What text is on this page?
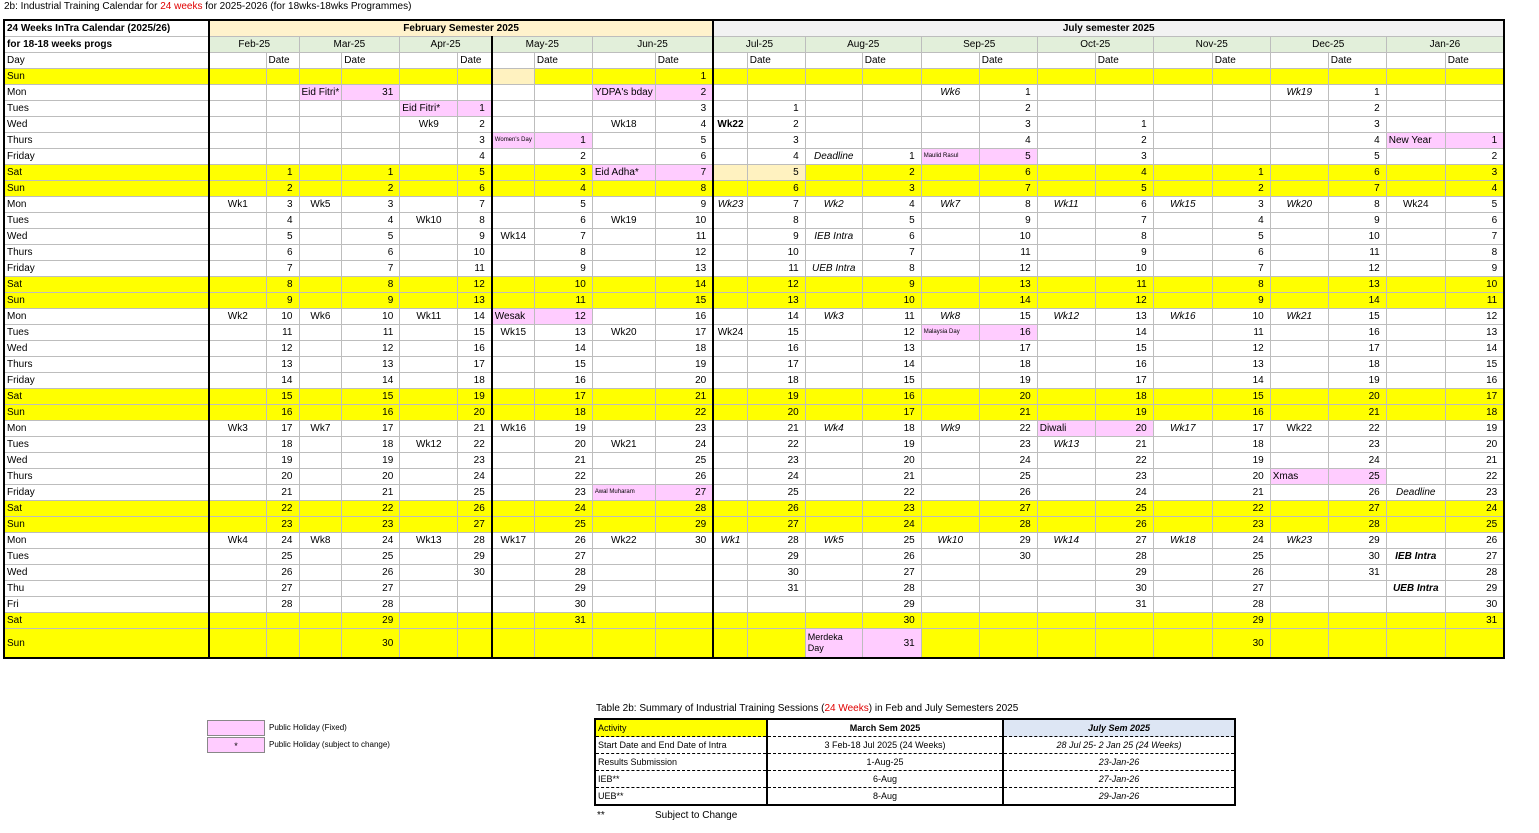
2b: Industrial Training Calendar for 24 weeks for 2025-2026 (for 18wks-18wks Programmes)
24 Weeks InTra Calendar (2025/26)	February Semester 2025										July semester 2025													
for 18-18 weeks progs	Feb-25		Mar-25		Apr-25		May-25		Jun-25		Jul-25		Aug-25		Sep-25		Oct-25		Nov-25		Dec-25		Jan-26	
Day		Date		Date		Date		Date		Date		Date		Date		Date		Date		Date		Date		Date
Sun										1														
Mon			Eid Fitri*	31					YDPA's bday	2					Wk6	1					Wk19	1		
Tues					Eid Fitri*	1				3		1				2						2		
Wed					Wk9	2			Wk18	4	Wk22	2				3		1				3		
Thurs						3	Women's Day	1		5		3				4		2				4	New Year	1
Friday						4		2		6		4	Deadline	1	Maulid Rasul	5		3				5		2
Sat		1		1		5		3	Eid Adha*	7		5		2		6		4		1		6		3
Sun		2		2		6		4		8		6		3		7		5		2		7		4
Mon	Wk1	3	Wk5	3		7		5		9	Wk23	7	Wk2	4	Wk7	8	Wk11	6	Wk15	3	Wk20	8	Wk24	5
Tues		4		4	Wk10	8		6	Wk19	10		8		5		9		7		4		9		6
Wed		5		5		9	Wk14	7		11		9	IEB Intra	6		10		8		5		10		7
Thurs		6		6		10		8		12		10		7		11		9		6		11		8
Friday		7		7		11		9		13		11	UEB Intra	8		12		10		7		12		9
Sat		8		8		12		10		14		12		9		13		11		8		13		10
Sun		9		9		13		11		15		13		10		14		12		9		14		11
Mon	Wk2	10	Wk6	10	Wk11	14	Wesak	12		16		14	Wk3	11	Wk8	15	Wk12	13	Wk16	10	Wk21	15		12
Tues		11		11		15	Wk15	13	Wk20	17	Wk24	15		12	Malaysia Day	16		14		11		16		13
Wed		12		12		16		14		18		16		13		17		15		12		17		14
Thurs		13		13		17		15		19		17		14		18		16		13		18		15
Friday		14		14		18		16		20		18		15		19		17		14		19		16
Sat		15		15		19		17		21		19		16		20		18		15		20		17
Sun		16		16		20		18		22		20		17		21		19		16		21		18
Mon	Wk3	17	Wk7	17		21	Wk16	19		23		21	Wk4	18	Wk9	22	Diwali	20	Wk17	17	Wk22	22		19
Tues		18		18	Wk12	22		20	Wk21	24		22		19		23	Wk13	21		18		23		20
Wed		19		19		23		21		25		23		20		24		22		19		24		21
Thurs		20		20		24		22		26		24		21		25		23		20	Xmas	25		22
Friday		21		21		25		23	Awal Muharam	27		25		22		26		24		21		26	Deadline	23
Sat		22		22		26		24		28		26		23		27		25		22		27		24
Sun		23		23		27		25		29		27		24		28		26		23		28		25
Mon	Wk4	24	Wk8	24	Wk13	28	Wk17	26	Wk22	30	Wk1	28	Wk5	25	Wk10	29	Wk14	27	Wk18	24	Wk23	29		26
Tues		25		25		29		27				29		26		30		28		25		30	IEB Intra	27
Wed		26		26		30		28				30		27				29		26		31		28
Thu		27		27				29				31		28				30		27			UEB Intra	29
Fri		28		28				30						29				31		28				30
Sat				29				31						30						29				31
Sun				30									Merdeka Day	31						30				
Public Holiday (Fixed)
*	Public Holiday (subject to change)
Table 2b: Summary of Industrial Training Sessions (24 Weeks) in Feb and July Semesters 2025
Activity	March Sem 2025	July Sem 2025
Start Date and End Date of Intra	3 Feb-18 Jul 2025 (24 Weeks)	28 Jul 25- 2 Jan 25 (24 Weeks)
Results Submission	1-Aug-25	23-Jan-26
IEB**	6-Aug	27-Jan-26
UEB**	8-Aug	29-Jan-26
**	Subject to Change
